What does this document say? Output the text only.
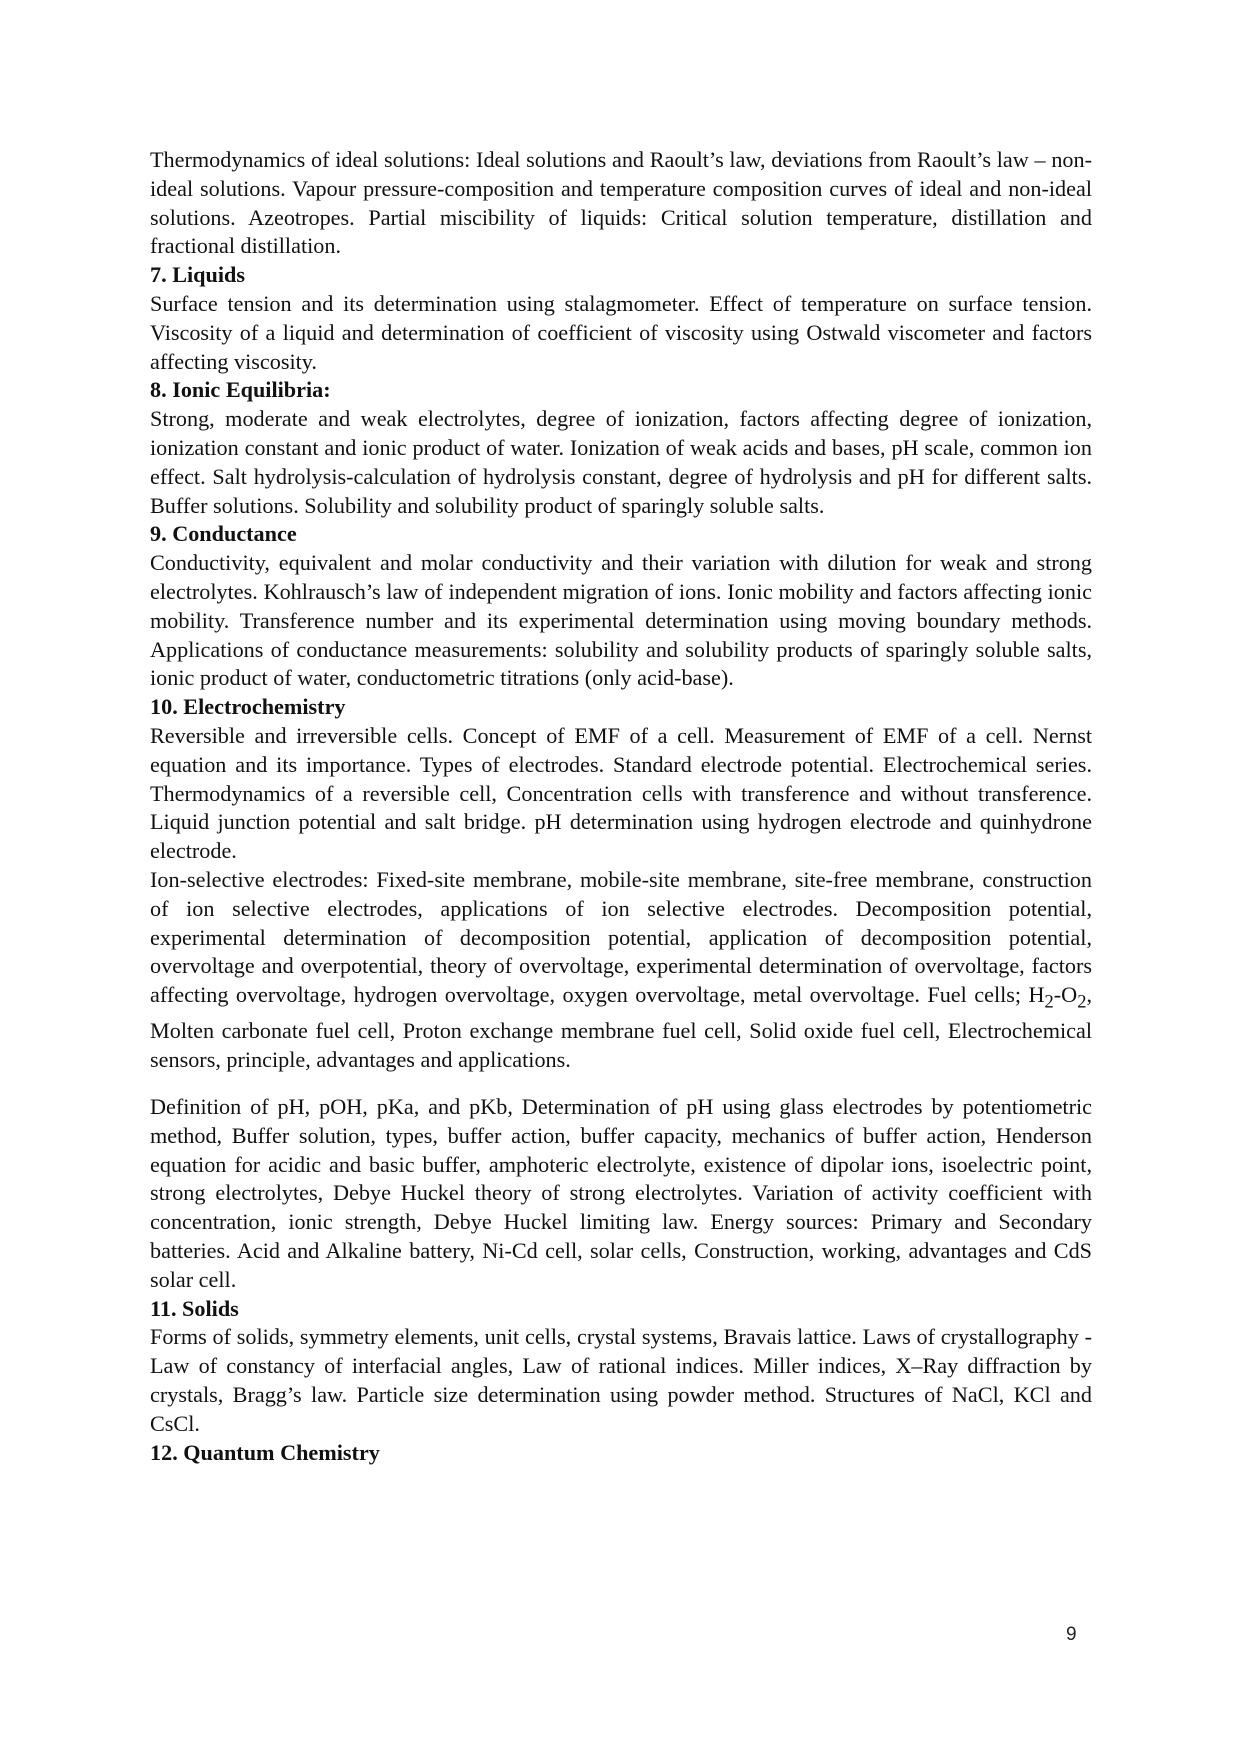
Thermodynamics of ideal solutions: Ideal solutions and Raoult’s law, deviations from Raoult’s law – non-ideal solutions. Vapour pressure-composition and temperature composition curves of ideal and non-ideal solutions. Azeotropes. Partial miscibility of liquids: Critical solution temperature, distillation and fractional distillation.

7. Liquids

Surface tension and its determination using stalagmometer. Effect of temperature on surface tension. Viscosity of a liquid and determination of coefficient of viscosity using Ostwald viscometer and factors affecting viscosity.

8. Ionic Equilibria:

Strong, moderate and weak electrolytes, degree of ionization, factors affecting degree of ionization, ionization constant and ionic product of water. Ionization of weak acids and bases, pH scale, common ion effect. Salt hydrolysis-calculation of hydrolysis constant, degree of hydrolysis and pH for different salts. Buffer solutions. Solubility and solubility product of sparingly soluble salts.

9. Conductance

Conductivity, equivalent and molar conductivity and their variation with dilution for weak and strong electrolytes. Kohlrausch’s law of independent migration of ions. Ionic mobility and factors affecting ionic mobility. Transference number and its experimental determination using moving boundary methods. Applications of conductance measurements: solubility and solubility products of sparingly soluble salts, ionic product of water, conductometric titrations (only acid-base).

10. Electrochemistry

Reversible and irreversible cells. Concept of EMF of a cell. Measurement of EMF of a cell. Nernst equation and its importance. Types of electrodes. Standard electrode potential. Electrochemical series. Thermodynamics of a reversible cell, Concentration cells with transference and without transference. Liquid junction potential and salt bridge. pH determination using hydrogen electrode and quinhydrone electrode.

Ion-selective electrodes: Fixed-site membrane, mobile-site membrane, site-free membrane, construction of ion selective electrodes, applications of ion selective electrodes. Decomposition potential, experimental determination of decomposition potential, application of decomposition potential, overvoltage and overpotential, theory of overvoltage, experimental determination of overvoltage, factors affecting overvoltage, hydrogen overvoltage, oxygen overvoltage, metal overvoltage. Fuel cells; $H_2-O_2$, Molten carbonate fuel cell, Proton exchange membrane fuel cell, Solid oxide fuel cell, Electrochemical sensors, principle, advantages and applications.

Definition of pH, pOH, pKa, and pKb, Determination of pH using glass electrodes by potentiometric method, Buffer solution, types, buffer action, buffer capacity, mechanics of buffer action, Henderson equation for acidic and basic buffer, amphoteric electrolyte, existence of dipolar ions, isoelectric point, strong electrolytes, Debye Huckel theory of strong electrolytes. Variation of activity coefficient with concentration, ionic strength, Debye Huckel limiting law. Energy sources: Primary and Secondary batteries. Acid and Alkaline battery, Ni-Cd cell, solar cells, Construction, working, advantages and CdS solar cell.

11. Solids

Forms of solids, symmetry elements, unit cells, crystal systems, Bravais lattice. Laws of crystallography - Law of constancy of interfacial angles, Law of rational indices. Miller indices, X–Ray diffraction by crystals, Bragg’s law. Particle size determination using powder method. Structures of NaCl, KCl and CsCl.

12. Quantum Chemistry

9
